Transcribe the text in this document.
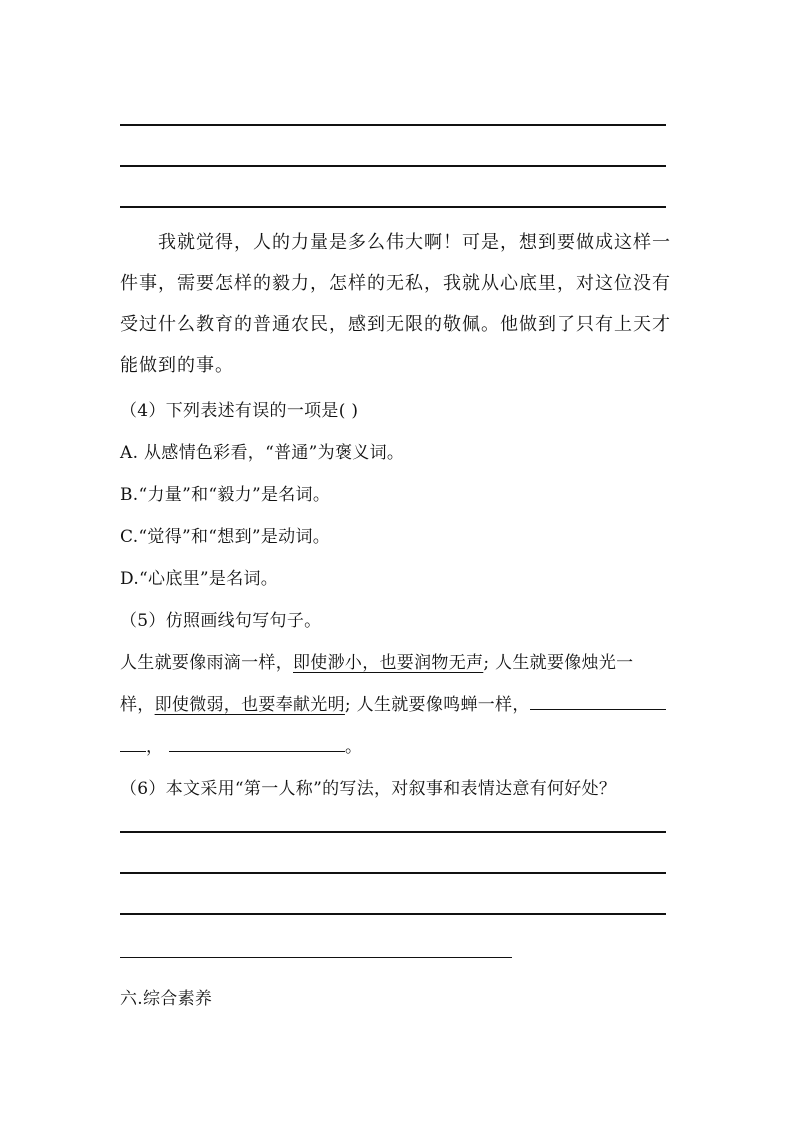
我就觉得，人的力量是多么伟大啊！可是，想到要做成这样一件事，需要怎样的毅力，怎样的无私，我就从心底里，对这位没有受过什么教育的普通农民，感到无限的敬佩。他做到了只有上天才能做到的事。
（4）下列表述有误的一项是( )
A. 从感情色彩看，“普通”为褒义词。
B.“力量”和“毅力”是名词。
C.“觉得”和“想到”是动词。
D.“心底里”是名词。
（5）仿照画线句写句子。
人生就要像雨滴一样，即使渺小，也要润物无声; 人生就要像烛光一
样，即使微弱，也要奉献光明; 人生就要像鸣蝉一样，
，	。
（6）本文采用“第一人称”的写法，对叙事和表情达意有何好处？
六.综合素养
